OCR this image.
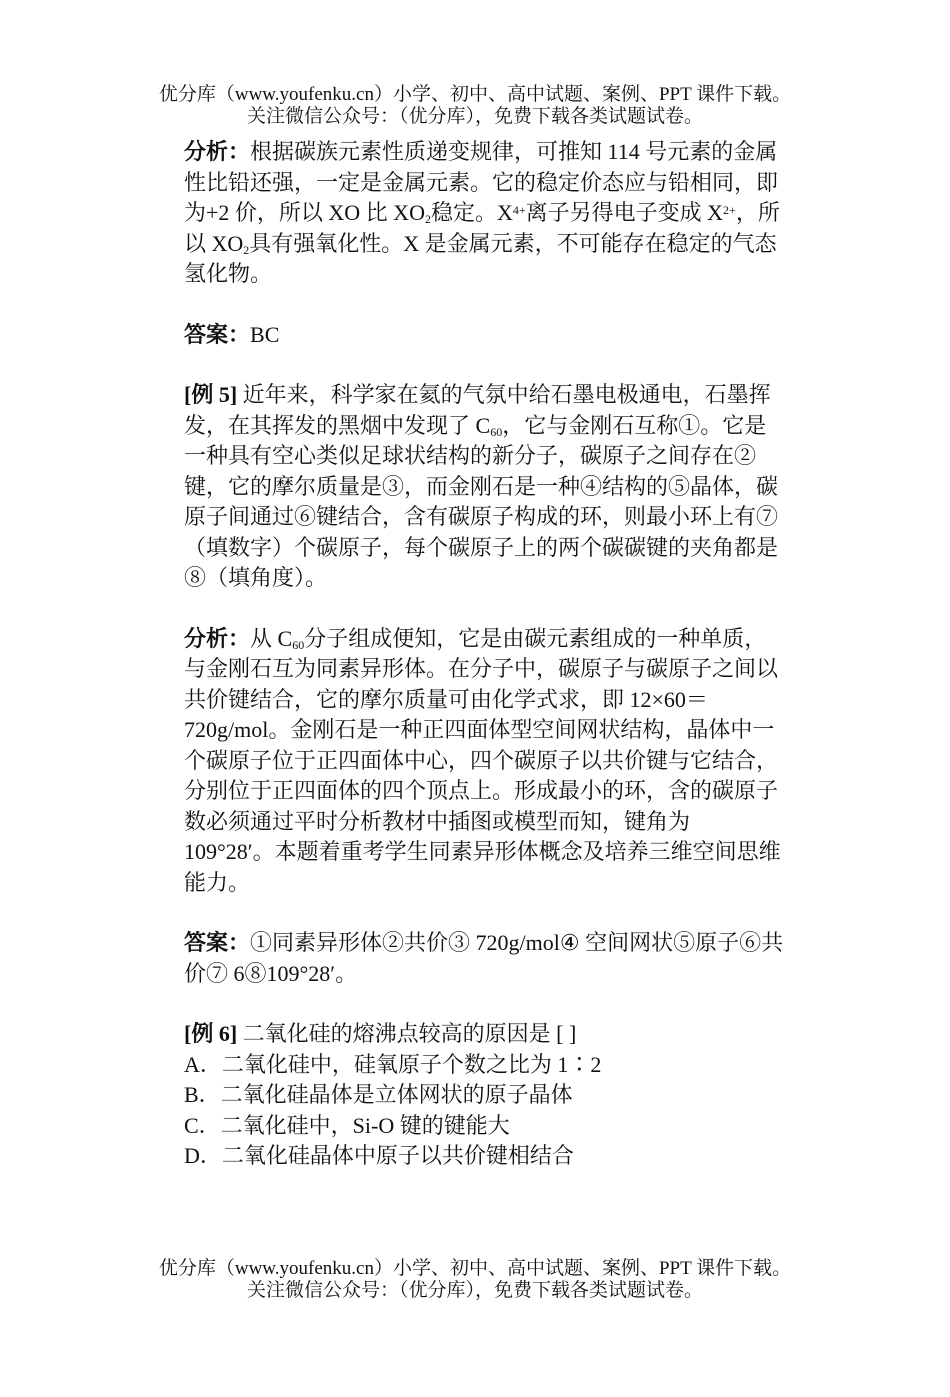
优分库（www.youfenku.cn）小学、初中、高中试题、案例、PPT 课件下载。
关注微信公众号：（优分库），免费下载各类试题试卷。

分析：根据碳族元素性质递变规律，可推知 114 号元素的金属性比铅还强，一定是金属元素。它的稳定价态应与铅相同，即为+2 价，所以 XO 比 $XO_2$稳定。$X^{4+}$离子另得电子变成 $X^{2+}$，所以 $XO_2$具有强氧化性。X 是金属元素，不可能存在稳定的气态氢化物。

答案：BC

[例 5] 近年来，科学家在氦的气氛中给石墨电极通电，石墨挥发，在其挥发的黑烟中发现了 $C_{60}$，它与金刚石互称①。它是一种具有空心类似足球状结构的新分子，碳原子之间存在②键，它的摩尔质量是③，而金刚石是一种④结构的⑤晶体，碳原子间通过⑥键结合，含有碳原子构成的环，则最小环上有⑦（填数字）个碳原子，每个碳原子上的两个碳碳键的夹角都是⑧（填角度）。

分析：从 $C_{60}$分子组成便知，它是由碳元素组成的一种单质，与金刚石互为同素异形体。在分子中，碳原子与碳原子之间以共价键结合，它的摩尔质量可由化学式求，即 12×60＝720g/mol。金刚石是一种正四面体型空间网状结构，晶体中一个碳原子位于正四面体中心，四个碳原子以共价键与它结合，分别位于正四面体的四个顶点上。形成最小的环，含的碳原子数必须通过平时分析教材中插图或模型而知，键角为 109°28′。本题着重考学生同素异形体概念及培养三维空间思维能力。

答案：①同素异形体②共价③ 720g/mol④ 空间网状⑤原子⑥共价⑦ 6⑧109°28′。

[例 6] 二氧化硅的熔沸点较高的原因是 [ ]

A．二氧化硅中，硅氧原子个数之比为 1∶2

B．二氧化硅晶体是立体网状的原子晶体

C．二氧化硅中，Si-O 键的键能大

D．二氧化硅晶体中原子以共价键相结合

优分库（www.youfenku.cn）小学、初中、高中试题、案例、PPT 课件下载。
关注微信公众号：（优分库），免费下载各类试题试卷。
